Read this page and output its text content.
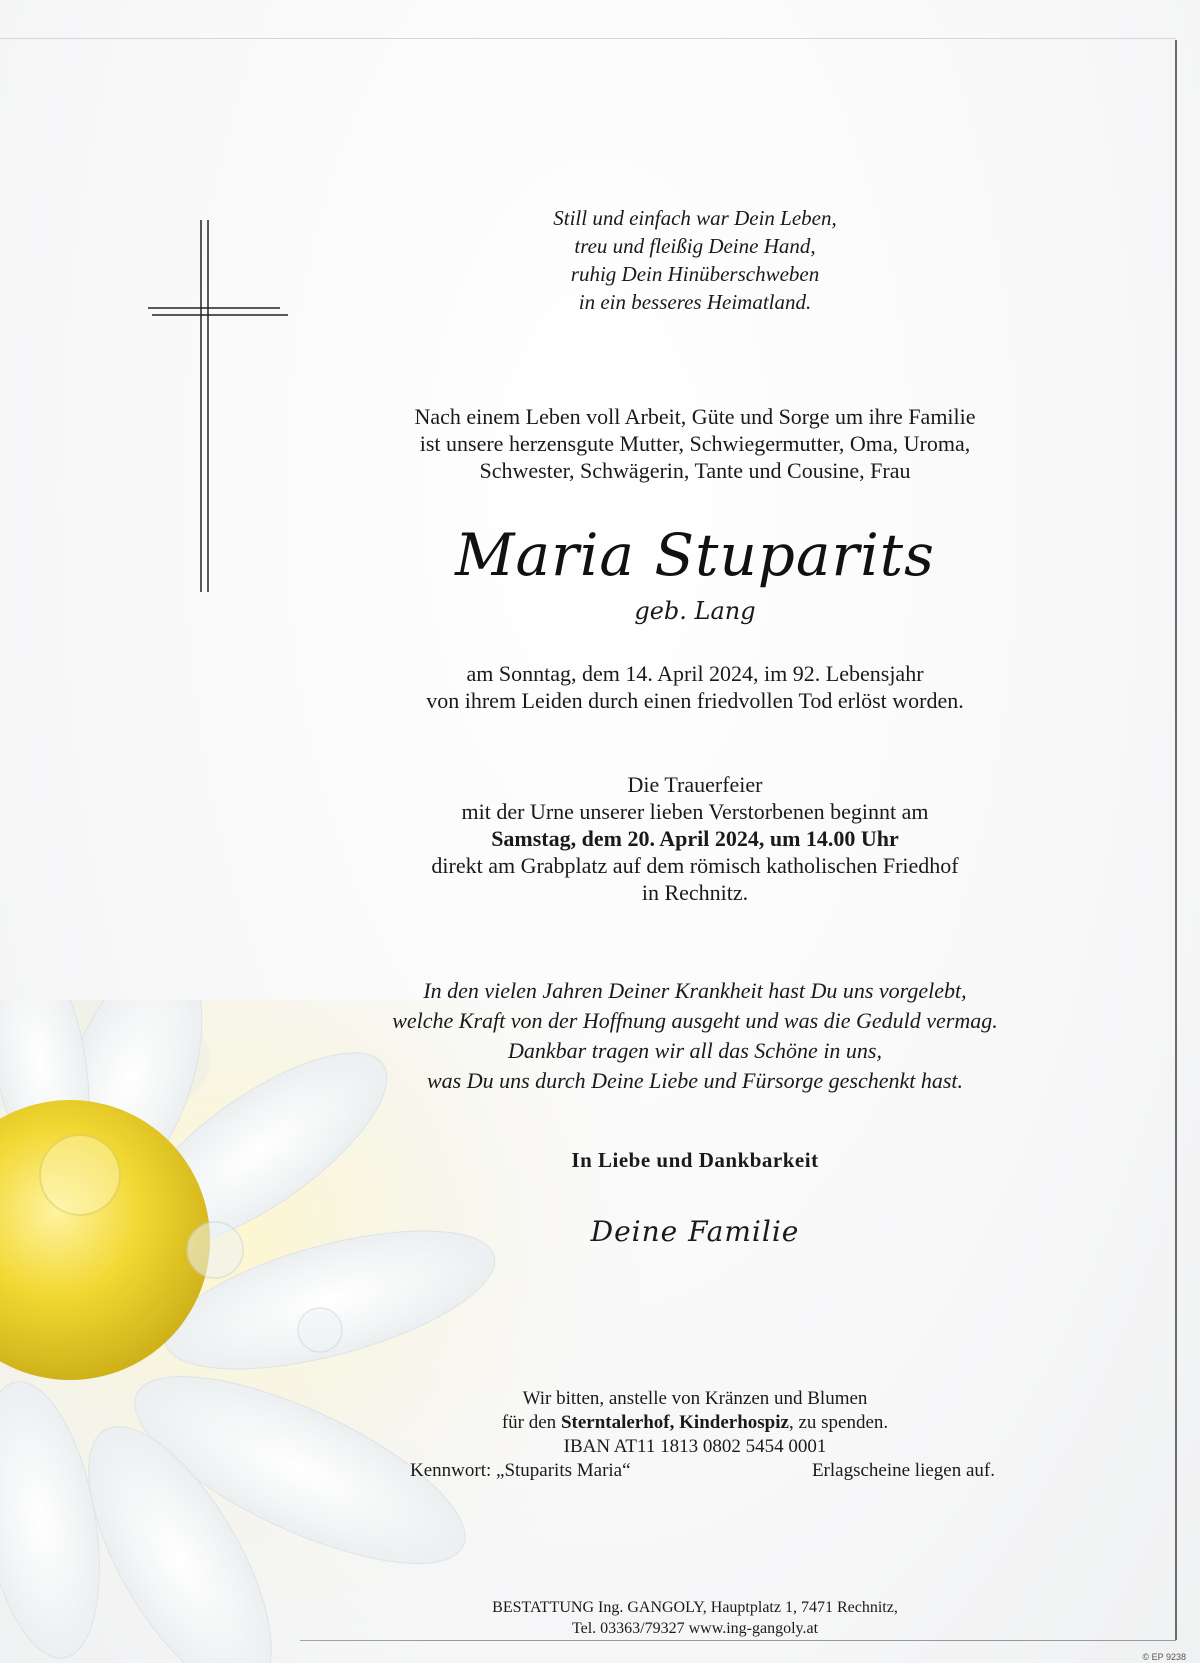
Still und einfach war Dein Leben,
treu und fleißig Deine Hand,
ruhig Dein Hinüberschweben
in ein besseres Heimatland.
Nach einem Leben voll Arbeit, Güte und Sorge um ihre Familie
ist unsere herzensgute Mutter, Schwiegermutter, Oma, Uroma,
Schwester, Schwägerin, Tante und Cousine, Frau
Maria Stuparits
geb. Lang
am Sonntag, dem 14. April 2024, im 92. Lebensjahr
von ihrem Leiden durch einen friedvollen Tod erlöst worden.
Die Trauerfeier
mit der Urne unserer lieben Verstorbenen beginnt am
Samstag, dem 20. April 2024, um 14.00 Uhr
direkt am Grabplatz auf dem römisch katholischen Friedhof
in Rechnitz.
In den vielen Jahren Deiner Krankheit hast Du uns vorgelebt,
welche Kraft von der Hoffnung ausgeht und was die Geduld vermag.
Dankbar tragen wir all das Schöne in uns,
was Du uns durch Deine Liebe und Fürsorge geschenkt hast.
In Liebe und Dankbarkeit
Deine Familie
Wir bitten, anstelle von Kränzen und Blumen
für den Sterntalerhof, Kinderhospiz, zu spenden.
IBAN AT11 1813 0802 5454 0001
Kennwort: „Stuparits Maria“	Erlagscheine liegen auf.
BESTATTUNG Ing. GANGOLY, Hauptplatz 1, 7471 Rechnitz,
Tel. 03363/79327 www.ing-gangoly.at
© EP 9238
